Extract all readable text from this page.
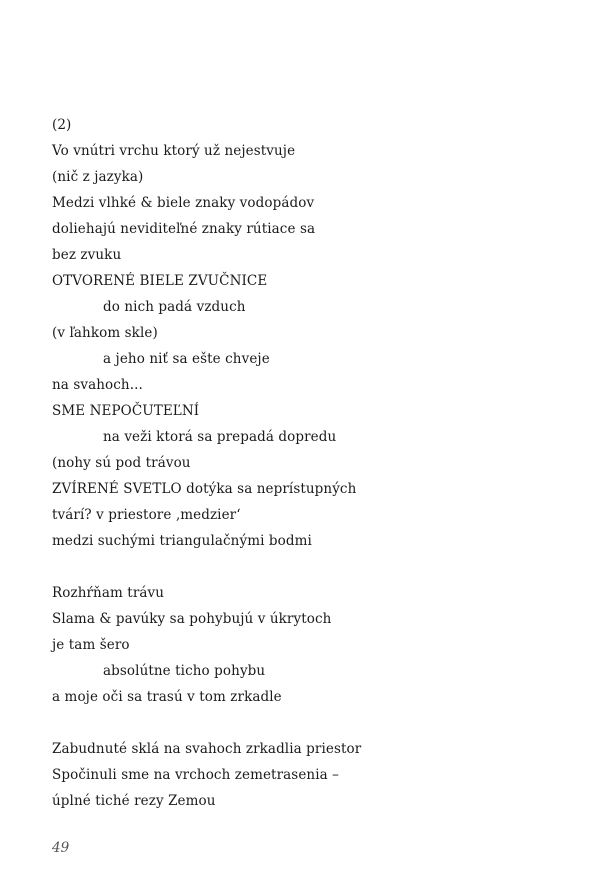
(2)
Vo vnútri vrchu ktorý už nejestvuje
(nič z jazyka)
Medzi vlhké & biele znaky vodopádov
doliehajú neviditeľné znaky rútiace sa
bez zvuku
OTVORENÉ BIELE ZVUČNICE
do nich padá vzduch
(v ľahkom skle)
a jeho niť sa ešte chveje
na svahoch...
SME NEPOČUTEĽNÍ
na veži ktorá sa prepadá dopredu
(nohy sú pod trávou
ZVÍRENÉ SVETLO dotýka sa neprístupných
tvárí? v priestore ‚medzier‘
medzi suchými triangulačnými bodmi
Rozhŕňam trávu
Slama & pavúky sa pohybujú v úkrytoch
je tam šero
absolútne ticho pohybu
a moje oči sa trasú v tom zrkadle
Zabudnuté sklá na svahoch zrkadlia priestor
Spočinuli sme na vrchoch zemetrasenia –
úplné tiché rezy Zemou
49
